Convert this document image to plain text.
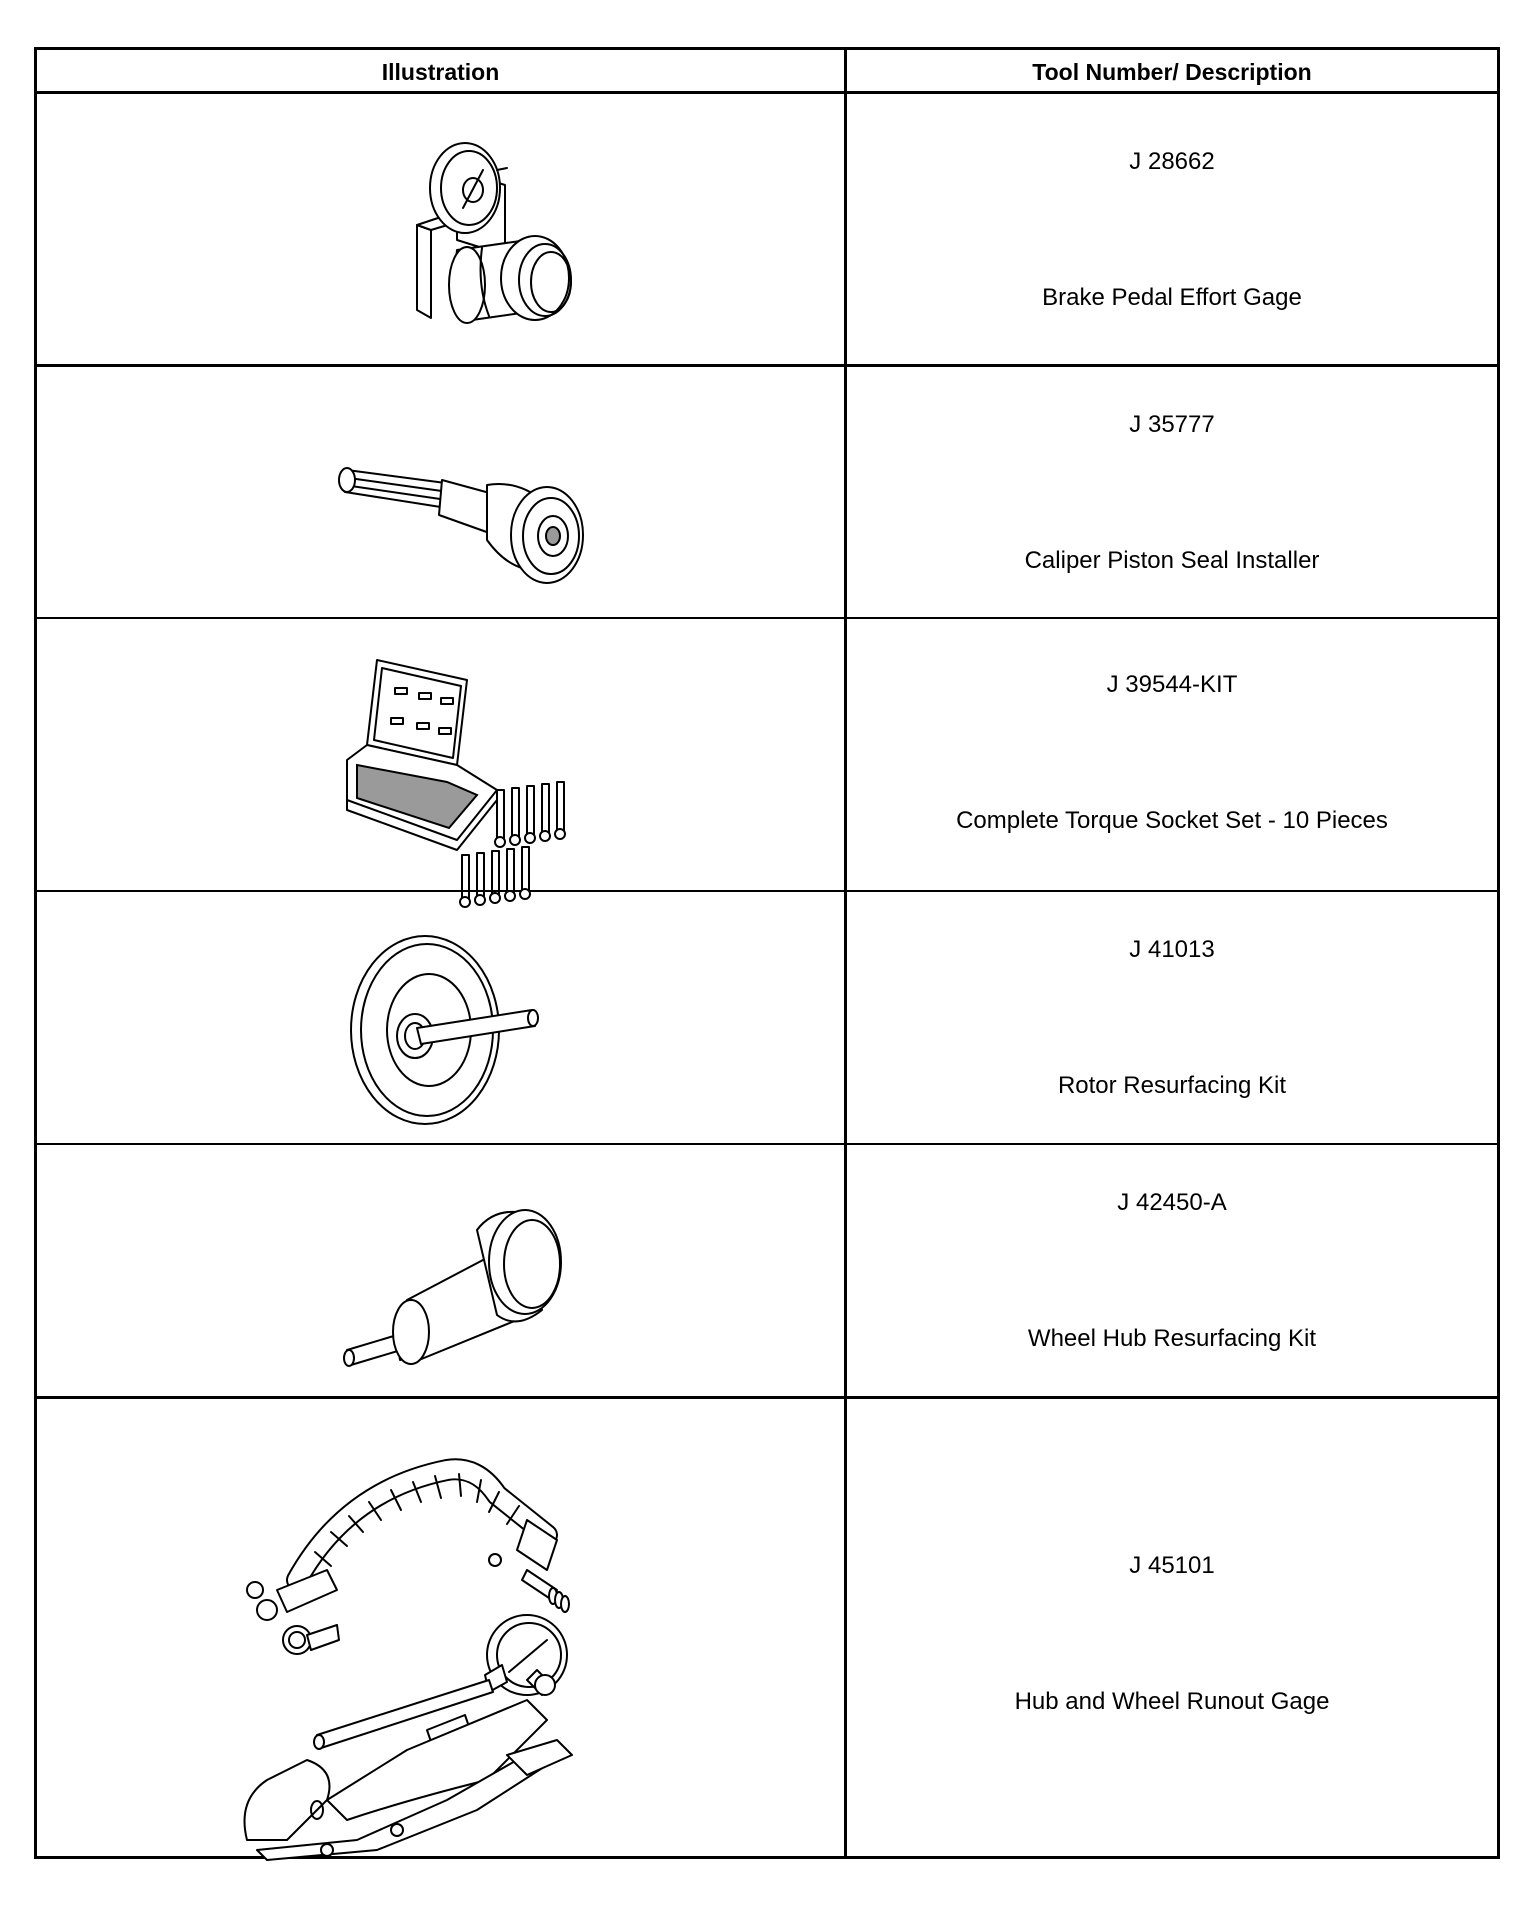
Illustration	Tool Number/ Description
J 28662
Brake Pedal Effort Gage
J 35777
Caliper Piston Seal Installer
J 39544-KIT
Complete Torque Socket Set - 10 Pieces
J 41013
Rotor Resurfacing Kit
J 42450-A
Wheel Hub Resurfacing Kit
J 45101
Hub and Wheel Runout Gage
